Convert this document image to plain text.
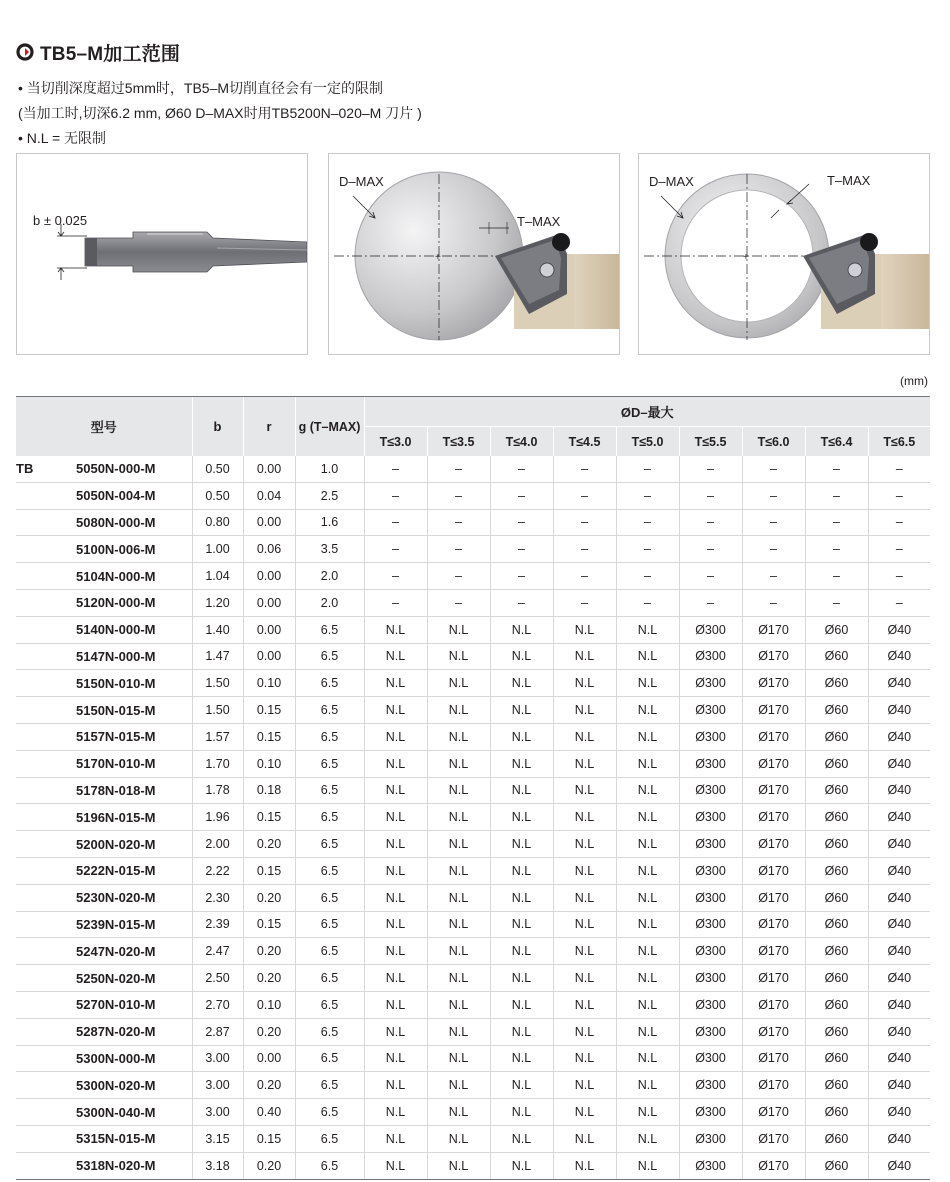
TB5–M加工范围
• 当切削深度超过5mm时，TB5–M切削直径会有一定的限制
(当加工时,切深6.2 mm, Ø60 D–MAX时用TB5200N–020–M 刀片 )
• N.L = 无限制
b ± 0.025
+
D–MAX
T–MAX
+
D–MAX	T–MAX
(mm)
型号	b	r	g (T–MAX)	ØD–最大								
				T≤3.0	T≤3.5	T≤4.0	T≤4.5	T≤5.0	T≤5.5	T≤6.0	T≤6.4	T≤6.5

TB 5050N-000-M	0.50	0.00	1.0	–	–	–	–	–	–	–	–	–
5050N-004-M	0.50	0.04	2.5	–	–	–	–	–	–	–	–	–
5080N-000-M	0.80	0.00	1.6	–	–	–	–	–	–	–	–	–
5100N-006-M	1.00	0.06	3.5	–	–	–	–	–	–	–	–	–
5104N-000-M	1.04	0.00	2.0	–	–	–	–	–	–	–	–	–
5120N-000-M	1.20	0.00	2.0	–	–	–	–	–	–	–	–	–
5140N-000-M	1.40	0.00	6.5	N.L	N.L	N.L	N.L	N.L	Ø300	Ø170	Ø60	Ø40
5147N-000-M	1.47	0.00	6.5	N.L	N.L	N.L	N.L	N.L	Ø300	Ø170	Ø60	Ø40
5150N-010-M	1.50	0.10	6.5	N.L	N.L	N.L	N.L	N.L	Ø300	Ø170	Ø60	Ø40
5150N-015-M	1.50	0.15	6.5	N.L	N.L	N.L	N.L	N.L	Ø300	Ø170	Ø60	Ø40
5157N-015-M	1.57	0.15	6.5	N.L	N.L	N.L	N.L	N.L	Ø300	Ø170	Ø60	Ø40
5170N-010-M	1.70	0.10	6.5	N.L	N.L	N.L	N.L	N.L	Ø300	Ø170	Ø60	Ø40
5178N-018-M	1.78	0.18	6.5	N.L	N.L	N.L	N.L	N.L	Ø300	Ø170	Ø60	Ø40
5196N-015-M	1.96	0.15	6.5	N.L	N.L	N.L	N.L	N.L	Ø300	Ø170	Ø60	Ø40
5200N-020-M	2.00	0.20	6.5	N.L	N.L	N.L	N.L	N.L	Ø300	Ø170	Ø60	Ø40
5222N-015-M	2.22	0.15	6.5	N.L	N.L	N.L	N.L	N.L	Ø300	Ø170	Ø60	Ø40
5230N-020-M	2.30	0.20	6.5	N.L	N.L	N.L	N.L	N.L	Ø300	Ø170	Ø60	Ø40
5239N-015-M	2.39	0.15	6.5	N.L	N.L	N.L	N.L	N.L	Ø300	Ø170	Ø60	Ø40
5247N-020-M	2.47	0.20	6.5	N.L	N.L	N.L	N.L	N.L	Ø300	Ø170	Ø60	Ø40
5250N-020-M	2.50	0.20	6.5	N.L	N.L	N.L	N.L	N.L	Ø300	Ø170	Ø60	Ø40
5270N-010-M	2.70	0.10	6.5	N.L	N.L	N.L	N.L	N.L	Ø300	Ø170	Ø60	Ø40
5287N-020-M	2.87	0.20	6.5	N.L	N.L	N.L	N.L	N.L	Ø300	Ø170	Ø60	Ø40
5300N-000-M	3.00	0.00	6.5	N.L	N.L	N.L	N.L	N.L	Ø300	Ø170	Ø60	Ø40
5300N-020-M	3.00	0.20	6.5	N.L	N.L	N.L	N.L	N.L	Ø300	Ø170	Ø60	Ø40
5300N-040-M	3.00	0.40	6.5	N.L	N.L	N.L	N.L	N.L	Ø300	Ø170	Ø60	Ø40
5315N-015-M	3.15	0.15	6.5	N.L	N.L	N.L	N.L	N.L	Ø300	Ø170	Ø60	Ø40
5318N-020-M	3.18	0.20	6.5	N.L	N.L	N.L	N.L	N.L	Ø300	Ø170	Ø60	Ø40
